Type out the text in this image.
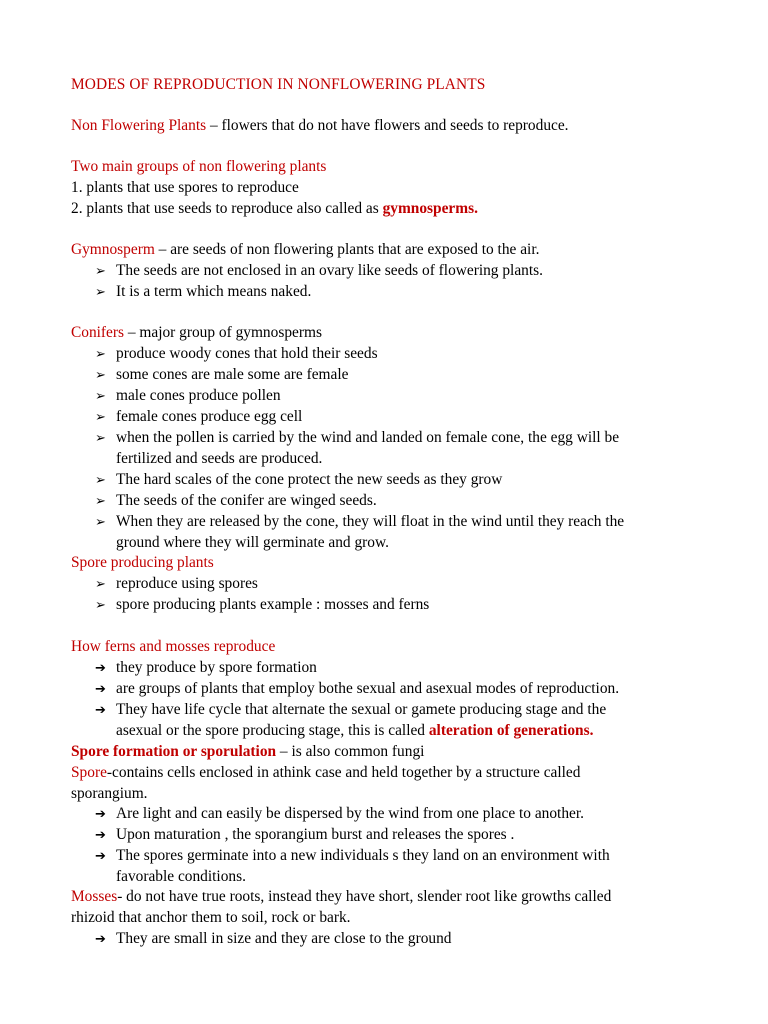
MODES OF REPRODUCTION IN NONFLOWERING PLANTS
Non Flowering Plants – flowers that do not have flowers and seeds to reproduce.
Two main groups of non flowering plants
1. plants that use spores to reproduce
2. plants that use seeds to reproduce also called as gymnosperms.
Gymnosperm – are seeds of non flowering plants that are exposed to the air.
➢ The seeds are not enclosed in an ovary like seeds of flowering plants.
➢ It is a term which means naked.
Conifers – major group of gymnosperms
➢ produce woody cones that hold their seeds
➢ some cones are male some are female
➢ male cones produce pollen
➢ female cones produce egg cell
➢ when the pollen is carried by the wind and landed on female cone, the egg will be
fertilized and seeds are produced.
➢ The hard scales of the cone protect the new seeds as they grow
➢ The seeds of the conifer are winged seeds.
➢ When they are released by the cone, they will float in the wind until they reach the
ground where they will germinate and grow.
Spore producing plants
➢ reproduce using spores
➢ spore producing plants example : mosses and ferns
How ferns and mosses reproduce
➔ they produce by spore formation
➔ are groups of plants that employ bothe sexual and asexual modes of reproduction.
➔ They have life cycle that alternate the sexual or gamete producing stage and the
asexual or the spore producing stage, this is called alteration of generations.
Spore formation or sporulation – is also common fungi
Spore-contains cells enclosed in athink case and held together by a structure called
sporangium.
➔ Are light and can easily be dispersed by the wind from one place to another.
➔ Upon maturation , the sporangium burst and releases the spores .
➔ The spores germinate into a new individuals s they land on an environment with
favorable conditions.
Mosses- do not have true roots, instead they have short, slender root like growths called
rhizoid that anchor them to soil, rock or bark.
➔ They are small in size and they are close to the ground
